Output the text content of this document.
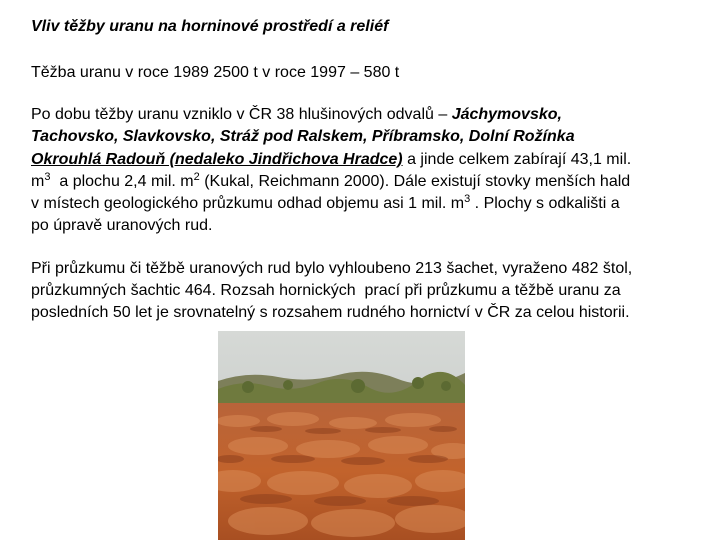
Vliv těžby uranu na horninové prostředí a reliéf
Těžba uranu v roce 1989 2500 t v roce 1997 – 580 t
Po dobu těžby uranu vzniklo v ČR 38 hlušinových odvalů – Jáchymovsko,
Tachovsko, Slavkovsko, Stráž pod Ralskem, Příbramsko, Dolní Rožínka
Okrouhlá Radouň (nedaleko Jindřichova Hradce) a jinde celkem zabírají 43,1 mil.
$m^3$  a plochu 2,4 mil. $m^2$ (Kukal, Reichmann 2000). Dále existují stovky menších hald
v místech geologického průzkumu odhad objemu asi 1 mil. $m^3$ . Plochy s odkališti a
po úpravě uranových rud.
Při průzkumu či těžbě uranových rud bylo vyhloubeno 213 šachet, vyraženo 482 štol,
průzkumných šachtic 464. Rozsah hornických  prací při průzkumu a těžbě uranu za
posledních 50 let je srovnatelný s rozsahem rudného hornictví v ČR za celou historii.
